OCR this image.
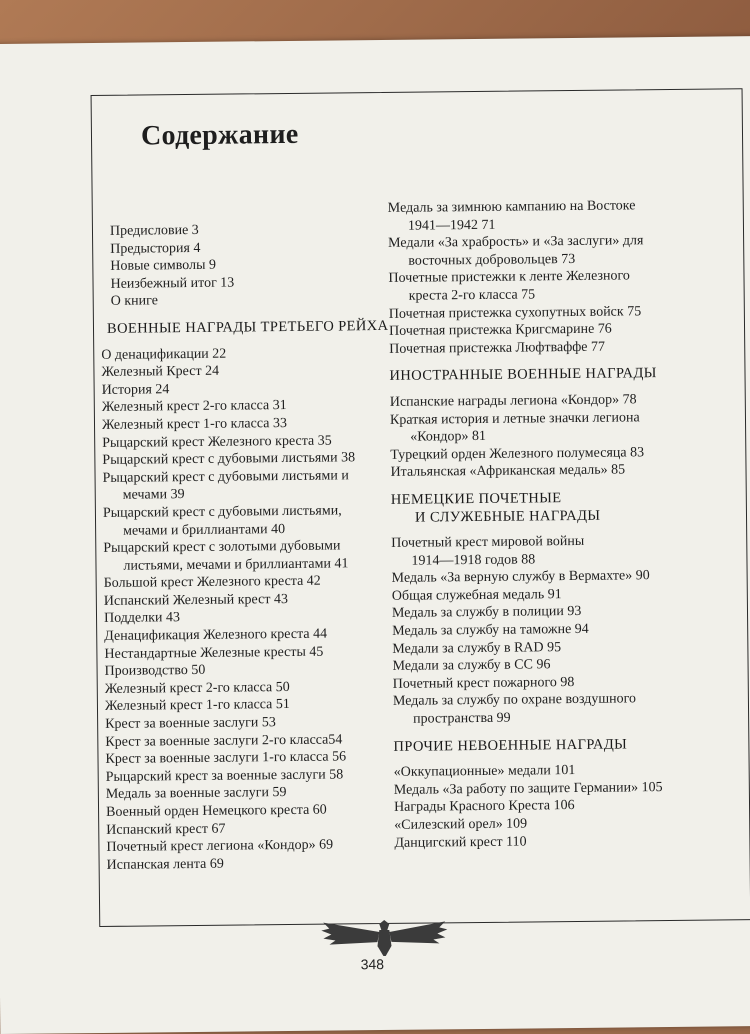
Содержание
Предисловие 3
Предыстория 4
Новые символы 9
Неизбежный итог 13
О книге
ВОЕННЫЕ НАГРАДЫ ТРЕТЬЕГО РЕЙХА
О денацификации 22
Железный Крест 24
История 24
Железный крест 2-го класса 31
Железный крест 1-го класса 33
Рыцарский крест Железного креста 35
Рыцарский крест с дубовыми листьями 38
Рыцарский крест с дубовыми листьями и
мечами 39
Рыцарский крест с дубовыми листьями,
мечами и бриллиантами 40
Рыцарский крест с золотыми дубовыми
листьями, мечами и бриллиантами 41
Большой крест Железного креста 42
Испанский Железный крест 43
Подделки 43
Денацификация Железного креста 44
Нестандартные Железные кресты 45
Производство 50
Железный крест 2-го класса 50
Железный крест 1-го класса 51
Крест за военные заслуги 53
Крест за военные заслуги 2-го класса54
Крест за военные заслуги 1-го класса 56
Рыцарский крест за военные заслуги 58
Медаль за военные заслуги 59
Военный орден Немецкого креста 60
Испанский крест 67
Почетный крест легиона «Кондор» 69
Испанская лента 69
Медаль за зимнюю кампанию на Востоке
1941—1942 71
Медали «За храбрость» и «За заслуги» для
восточных добровольцев 73
Почетные пристежки к ленте Железного
креста 2-го класса 75
Почетная пристежка сухопутных войск 75
Почетная пристежка Кригсмарине 76
Почетная пристежка Люфтваффе 77
ИНОСТРАННЫЕ ВОЕННЫЕ НАГРАДЫ
Испанские награды легиона «Кондор» 78
Краткая история и летные значки легиона
«Кондор» 81
Турецкий орден Железного полумесяца 83
Итальянская «Африканская медаль» 85
НЕМЕЦКИЕ ПОЧЕТНЫЕ
И СЛУЖЕБНЫЕ НАГРАДЫ
Почетный крест мировой войны
1914—1918 годов 88
Медаль «За верную службу в Вермахте» 90
Общая служебная медаль 91
Медаль за службу в полиции 93
Медаль за службу на таможне 94
Медали за службу в RAD 95
Медали за службу в СС 96
Почетный крест пожарного 98
Медаль за службу по охране воздушного
пространства 99
ПРОЧИЕ НЕВОЕННЫЕ НАГРАДЫ
«Оккупационные» медали 101
Медаль «За работу по защите Германии» 105
Награды Красного Креста 106
«Силезский орел» 109
Данцигский крест 110
348
